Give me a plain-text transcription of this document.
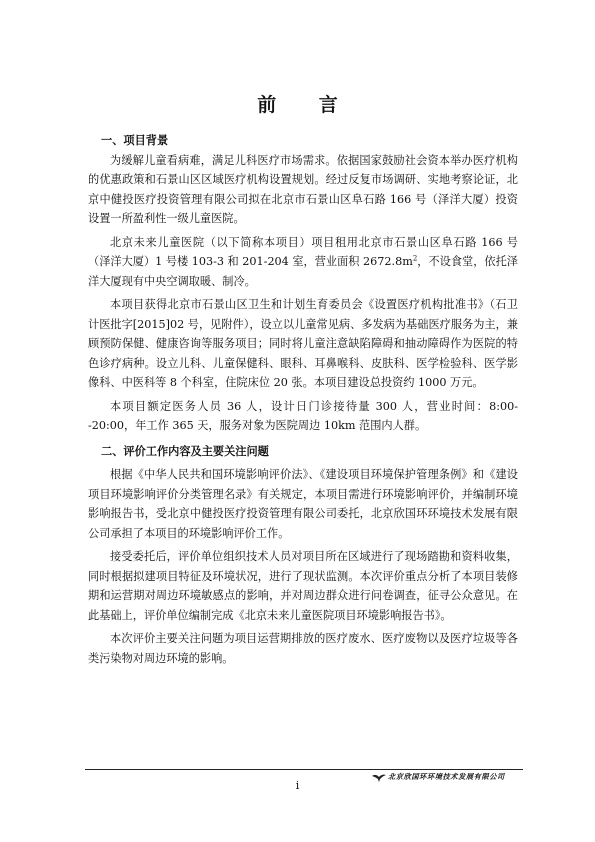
前 言
一、项目背景

为缓解儿童看病难，满足儿科医疗市场需求。依据国家鼓励社会资本举办医疗机构的优惠政策和石景山区区域医疗机构设置规划。经过反复市场调研、实地考察论证，北京中健投医疗投资管理有限公司拟在北京市石景山区阜石路 166 号（泽洋大厦）投资设置一所盈利性一级儿童医院。

北京未来儿童医院（以下简称本项目）项目租用北京市石景山区阜石路 166 号（泽洋大厦）1 号楼 103-3 和 201-204 室，营业面积 $2672.8m^2$，不设食堂，依托泽洋大厦现有中央空调取暖、制冷。

本项目获得北京市石景山区卫生和计划生育委员会《设置医疗机构批准书》（石卫计医批字[2015]02 号，见附件），设立以儿童常见病、多发病为基础医疗服务为主，兼顾预防保健、健康咨询等服务项目；同时将儿童注意缺陷障碍和抽动障碍作为医院的特色诊疗病种。设立儿科、儿童保健科、眼科、耳鼻喉科、皮肤科、医学检验科、医学影像科、中医科等 8 个科室，住院床位 20 张。本项目建设总投资约 1000 万元。

本项目额定医务人员 36 人，设计日门诊接待量 300 人，营业时间：8:00--20:00，年工作 365 天，服务对象为医院周边 10km 范围内人群。

二、评价工作内容及主要关注问题

根据《中华人民共和国环境影响评价法》、《建设项目环境保护管理条例》和《建设项目环境影响评价分类管理名录》有关规定，本项目需进行环境影响评价，并编制环境影响报告书，受北京中健投医疗投资管理有限公司委托，北京欣国环环境技术发展有限公司承担了本项目的环境影响评价工作。

接受委托后，评价单位组织技术人员对项目所在区域进行了现场踏勘和资料收集，同时根据拟建项目特征及环境状况，进行了现状监测。本次评价重点分析了本项目装修期和运营期对周边环境敏感点的影响，并对周边群众进行问卷调查，征寻公众意见。在此基础上，评价单位编制完成《北京未来儿童医院项目环境影响报告书》。

本次评价主要关注问题为项目运营期排放的医疗废水、医疗废物以及医疗垃圾等各类污染物对周边环境的影响。

北京欣国环环境技术发展有限公司
i
